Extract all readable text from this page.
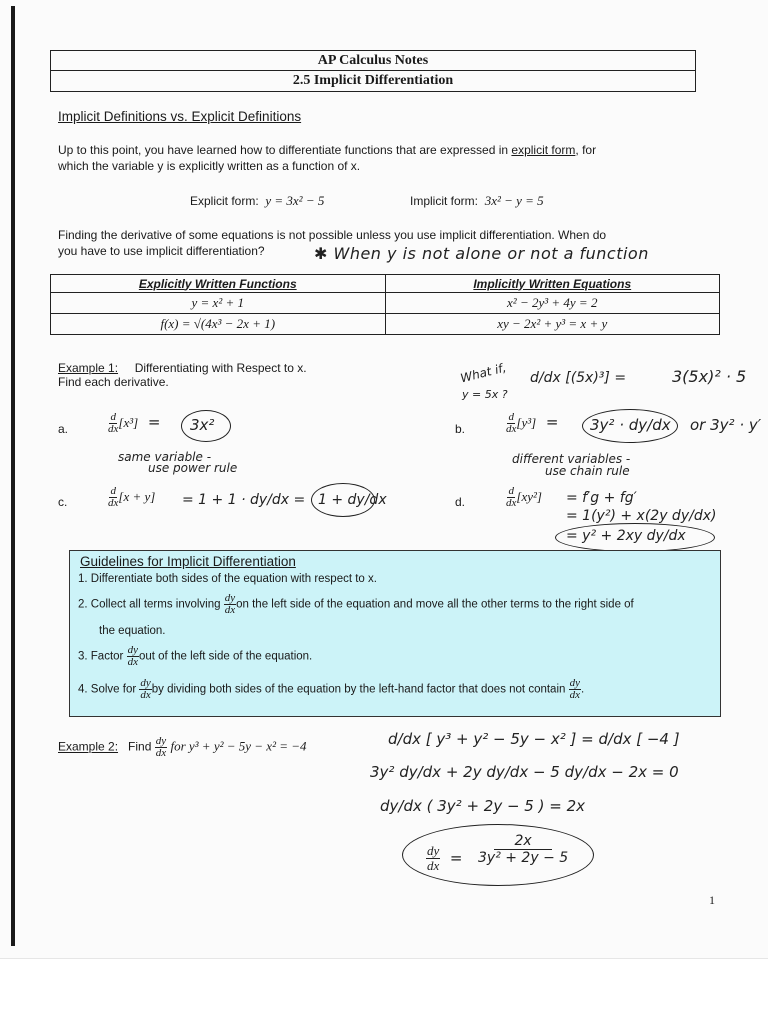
AP Calculus Notes
2.5 Implicit Differentiation
Implicit Definitions vs. Explicit Definitions
Up to this point, you have learned how to differentiate functions that are expressed in explicit form, for
which the variable y is explicitly written as a function of x.
Explicit form: y = 3x² − 5	Implicit form: 3x² − y = 5
Finding the derivative of some equations is not possible unless you use implicit differentiation. When do
you have to use implicit differentiation?	✱ When y is not alone or not a function
Explicitly Written Functions	Implicitly Written Equations
y = x² + 1	x² − 2y³ + 4y = 2
f(x) = √(4x³ − 2x + 1)	xy − 2x² + y³ = x + y
Example 1: Differentiating with Respect to x.
Find each derivative.	What if,
y = 5x ?
d/dx [(5x)³] =	3(5x)² · 5
a.	$\frac{d}{dx} [x^3] = 3x^2$
same variable -
use power rule
b.	$\frac{d}{dx} [y^3] = 3y^2 \cdot dy/dx$ or 3y² · y′
different variables -
use chain rule
c.	$\frac{d}{dx} [x + y] = 1 + 1 \cdot dy/dx = 1 + dy/dx$	d.	$\frac{d}{dx} [xy^2] = f'g + fg'$
= 1(y²) + x(2y dy/dx)
= y² + 2xy dy/dx
Guidelines for Implicit Differentiation
1. Differentiate both sides of the equation with respect to x.
2. Collect all terms involving $\frac{dy}{dx}$ on the left side of the equation and move all the other terms to the right side of
the equation.
3. Factor $\frac{dy}{dx}$ out of the left side of the equation.
4. Solve for $\frac{dy}{dx}$ by dividing both sides of the equation by the left-hand factor that does not contain $\frac{dy}{dx}$ .
Example 2: Find $\frac{dy}{dx}$ for y³ + y² − 5y − x² = −4	d/dx [ y³ + y² − 5y − x² ] = d/dx [ −4 ]
3y² dy/dx + 2y dy/dx − 5 dy/dx − 2x = 0
dy/dx ( 3y² + 2y − 5 ) = 2x
$\frac{dy}{dx} = \frac{2x}{\text{3y² + 2y − 5}}$
1
